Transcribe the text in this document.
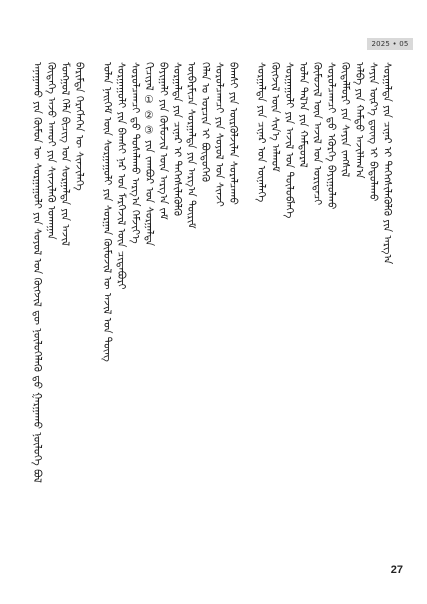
2025 • 05
ᠠᠨᠠᠭᠠᠬᠤ ᠶᠢᠨ ᠬᠥᠮᠦᠨ ᠦ ᠰᠤᠷᠭᠠᠭᠤᠯᠢ ᠶᠢᠨ ᠰᠣᠶᠣᠯ ᠤᠨ ᠬᠥᠭᠵᠢᠯ ᠳᠦ ᠨᠥᠯᠦᠭᠡᠯᠡᠬᠦ ᠳ᠋ᠦ ᠭᠠᠷᠭᠠᠬᠤ ᠨᠥᠯᠦᠭᠡ ᠪᠣᠯ ᠬᠥᠳᠡᠭᠡ ᠠᠵᠤ ᠠᠬᠤᠢ ᠶᠢᠨ ᠰᠢᠨᠵᠢᠯᠡᠬᠦ ᠤᠬᠠᠭᠠᠨ ᠮᠣᠩᠭᠣᠯ ᠬᠡᠯᠡ ᠪᠢᠴᠢᠭ ᠤᠨ ᠰᠤᠷᠭᠠᠯᠲᠠ ᠶᠢᠨ ᠠᠵᠢᠯ ᠪᠠᠷᠢᠮᠲᠠ ᠬᠡᠷᠡᠭᠯᠡᠭᠡᠨ ᠦ ᠰᠢᠨᠵᠢᠯᠡᠭᠡ ᠣᠯᠠᠨ ᠨᠡᠢᠭᠡᠮ ᠦᠨ ᠰᠤᠷᠭᠠᠭᠤᠯᠢ ᠶᠢᠨ ᠰᠤᠷᠭᠠᠨ ᠬᠦᠮᠦᠵᠢᠯ ᠦ ᠠᠵᠢᠯ ᠤᠨ ᠳᠦᠩ ᠰᠤᠷᠭᠠᠭᠤᠯᠢ ᠶᠢᠨ ᠪᠠᠭᠰᠢ ᠨᠠᠷ ᠤᠨ ᠮᠡᠷᠭᠡᠵᠢᠯ ᠦᠨ ᠴᠢᠳᠠᠪᠤᠷᠢ ᠰᠤᠷᠤᠯᠴᠠᠭᠴᠢ ᠳ᠋ᠤ ᠲᠤᠰᠠᠯᠠᠬᠤ ᠠᠷᠭ᠎ᠠ ᠬᠡᠮᠵᠢᠶ᠎ᠡ ᠬᠢᠴᠢᠶᠡᠯ ① ② ③ ᠶᠢᠨ ᠵᠠᠭᠪᠤᠷ ᠤᠨ ᠰᠤᠷᠭᠠᠯᠲᠠ ᠪᠠᠶᠢᠭᠠᠯᠢ ᠶᠢᠨ ᠬᠥᠮᠦᠵᠢᠯ ᠦᠨ ᠠᠷᠭ᠎ᠠ ᠵᠠᠮ ᠰᠤᠷᠭᠠᠯᠲᠠ ᠶᠢᠨ ᠴᠢᠨᠠᠷ ᠢ ᠳᠡᠭᠡᠭᠰᠢᠯᠡᠭᠦᠯᠬᠦ ᠥᠪᠡᠷᠮᠢᠴᠡ ᠰᠤᠷᠭᠠᠯᠲᠠ ᠶᠢᠨ ᠠᠷᠭ᠎ᠠ ᠳᠦᠷᠢᠮ ᠬᠡᠯᠡᠨ ᠤ ᠣᠷᠴᠢᠨ ᠢ ᠪᠦᠲᠦᠭᠡᠬᠦ ᠰᠤᠷᠤᠯᠴᠠᠭᠴᠢ ᠶᠢᠨ ᠰᠣᠶᠣᠯ ᠤᠨ ᠰᠢᠨᠵᠢ ᠪᠠᠭᠰᠢ ᠶᠢᠨ ᠦᠷᠭᠦᠯᠵᠢᠯᠡᠨ ᠰᠤᠷᠠᠯᠴᠠᠬᠤ ᠰᠤᠷᠭᠠᠯᠲᠠ ᠶᠢᠨ ᠴᠢᠨᠠᠷ ᠤᠨ ᠦᠨᠡᠯᠡᠭᠡ ᠬᠥᠭᠵᠢᠯ ᠦᠨ ᠰᠢᠨ᠎ᠡ ᠠᠯᠬᠤᠮ ᠰᠤᠷᠭᠠᠭᠤᠯᠢ ᠶᠢᠨ ᠠᠵᠢᠯ ᠤᠨ ᠲᠥᠯᠦᠪᠯᠡᠭᠡ ᠣᠯᠠᠨ ᠲᠠᠯ᠎ᠠ ᠶᠢᠨ ᠬᠠᠮᠲᠤᠷᠠᠯ ᠬᠥᠮᠦᠵᠢᠯ ᠦᠨ ᠠᠵᠢᠯ ᠤᠨ ᠤᠷᠢᠳᠠᠴᠢ ᠰᠤᠷᠤᠯᠴᠠᠭᠴᠢ ᠳ᠋ᠤ ᠡᠭᠦᠷᠭᠡ ᠪᠠᠶᠢᠭᠤᠯᠬᠤ ᠬᠥᠳᠡᠯᠮᠦᠷᠢ ᠶᠢᠨ ᠰᠠᠶᠢᠨ ᠵᠠᠩᠱᠢᠯ ᠠᠯᠪᠠ ᠶᠢᠨ ᠬᠠᠮᠲᠤ ᠠᠵᠢᠯᠯᠠᠭ᠎ᠠ ᠰᠠᠶᠢᠨ ᠦᠷ᠎ᠡ ᠳ᠋ᠦᠩ ᠢ ᠪᠠᠲᠤᠯᠠᠬᠤ ᠰᠤᠷᠭᠠᠯᠲᠠ ᠶᠢᠨ ᠴᠢᠨᠠᠷ ᠢ ᠳᠡᠭᠡᠭᠰᠢᠯᠡᠭᠦᠯᠬᠦ ᠶᠢᠨ ᠠᠷᠭ᠎ᠠ
27
